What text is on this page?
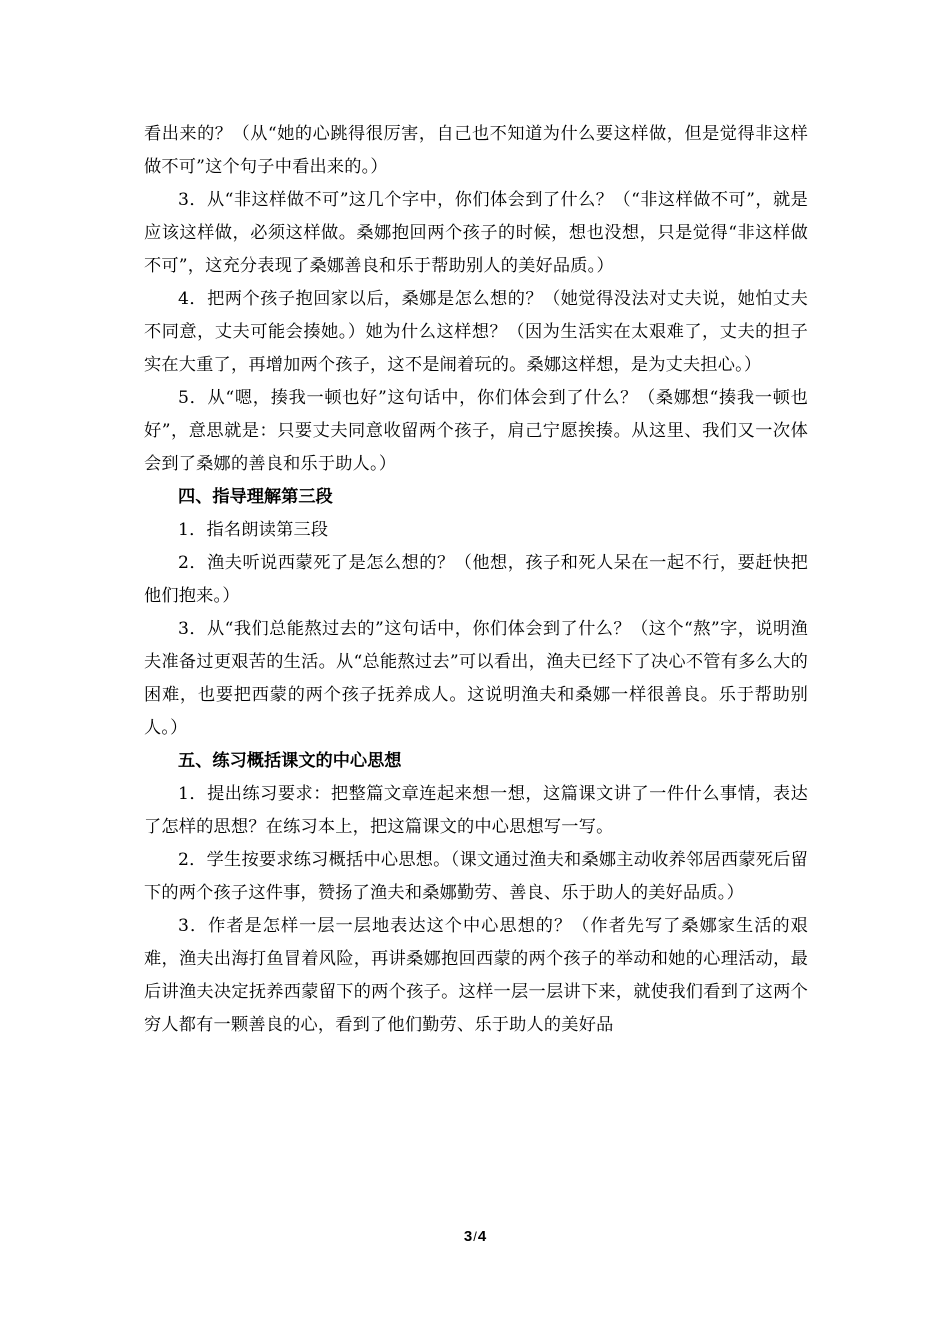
看出来的？（从“她的心跳得很厉害，自己也不知道为什么要这样做，但是觉得非这样做不可”这个句子中看出来的。）

3．从“非这样做不可”这几个字中，你们体会到了什么？（“非这样做不可”，就是应该这样做，必须这样做。桑娜抱回两个孩子的时候，想也没想，只是觉得“非这样做不可”，这充分表现了桑娜善良和乐于帮助别人的美好品质。）

4．把两个孩子抱回家以后，桑娜是怎么想的？（她觉得没法对丈夫说，她怕丈夫不同意，丈夫可能会揍她。）她为什么这样想？（因为生活实在太艰难了，丈夫的担子实在大重了，再增加两个孩子，这不是闹着玩的。桑娜这样想，是为丈夫担心。）

5．从“嗯，揍我一顿也好”这句话中，你们体会到了什么？（桑娜想“揍我一顿也好”，意思就是：只要丈夫同意收留两个孩子，肩己宁愿挨揍。从这里、我们又一次体会到了桑娜的善良和乐于助人。）

四、指导理解第三段

1．指名朗读第三段

2．渔夫听说西蒙死了是怎么想的？（他想，孩子和死人呆在一起不行，要赶快把他们抱来。）

3．从“我们总能熬过去的”这句话中，你们体会到了什么？（这个“熬”字，说明渔夫准备过更艰苦的生活。从“总能熬过去”可以看出，渔夫已经下了决心不管有多么大的困难，也要把西蒙的两个孩子抚养成人。这说明渔夫和桑娜一样很善良。乐于帮助别人。）

五、练习概括课文的中心思想

1．提出练习要求：把整篇文章连起来想一想，这篇课文讲了一件什么事情，表达了怎样的思想？在练习本上，把这篇课文的中心思想写一写。

2．学生按要求练习概括中心思想。（课文通过渔夫和桑娜主动收养邻居西蒙死后留下的两个孩子这件事，赞扬了渔夫和桑娜勤劳、善良、乐于助人的美好品质。）

3．作者是怎样一层一层地表达这个中心思想的？（作者先写了桑娜家生活的艰难，渔夫出海打鱼冒着风险，再讲桑娜抱回西蒙的两个孩子的举动和她的心理活动，最后讲渔夫决定抚养西蒙留下的两个孩子。这样一层一层讲下来，就使我们看到了这两个穷人都有一颗善良的心，看到了他们勤劳、乐于助人的美好品

3/4
